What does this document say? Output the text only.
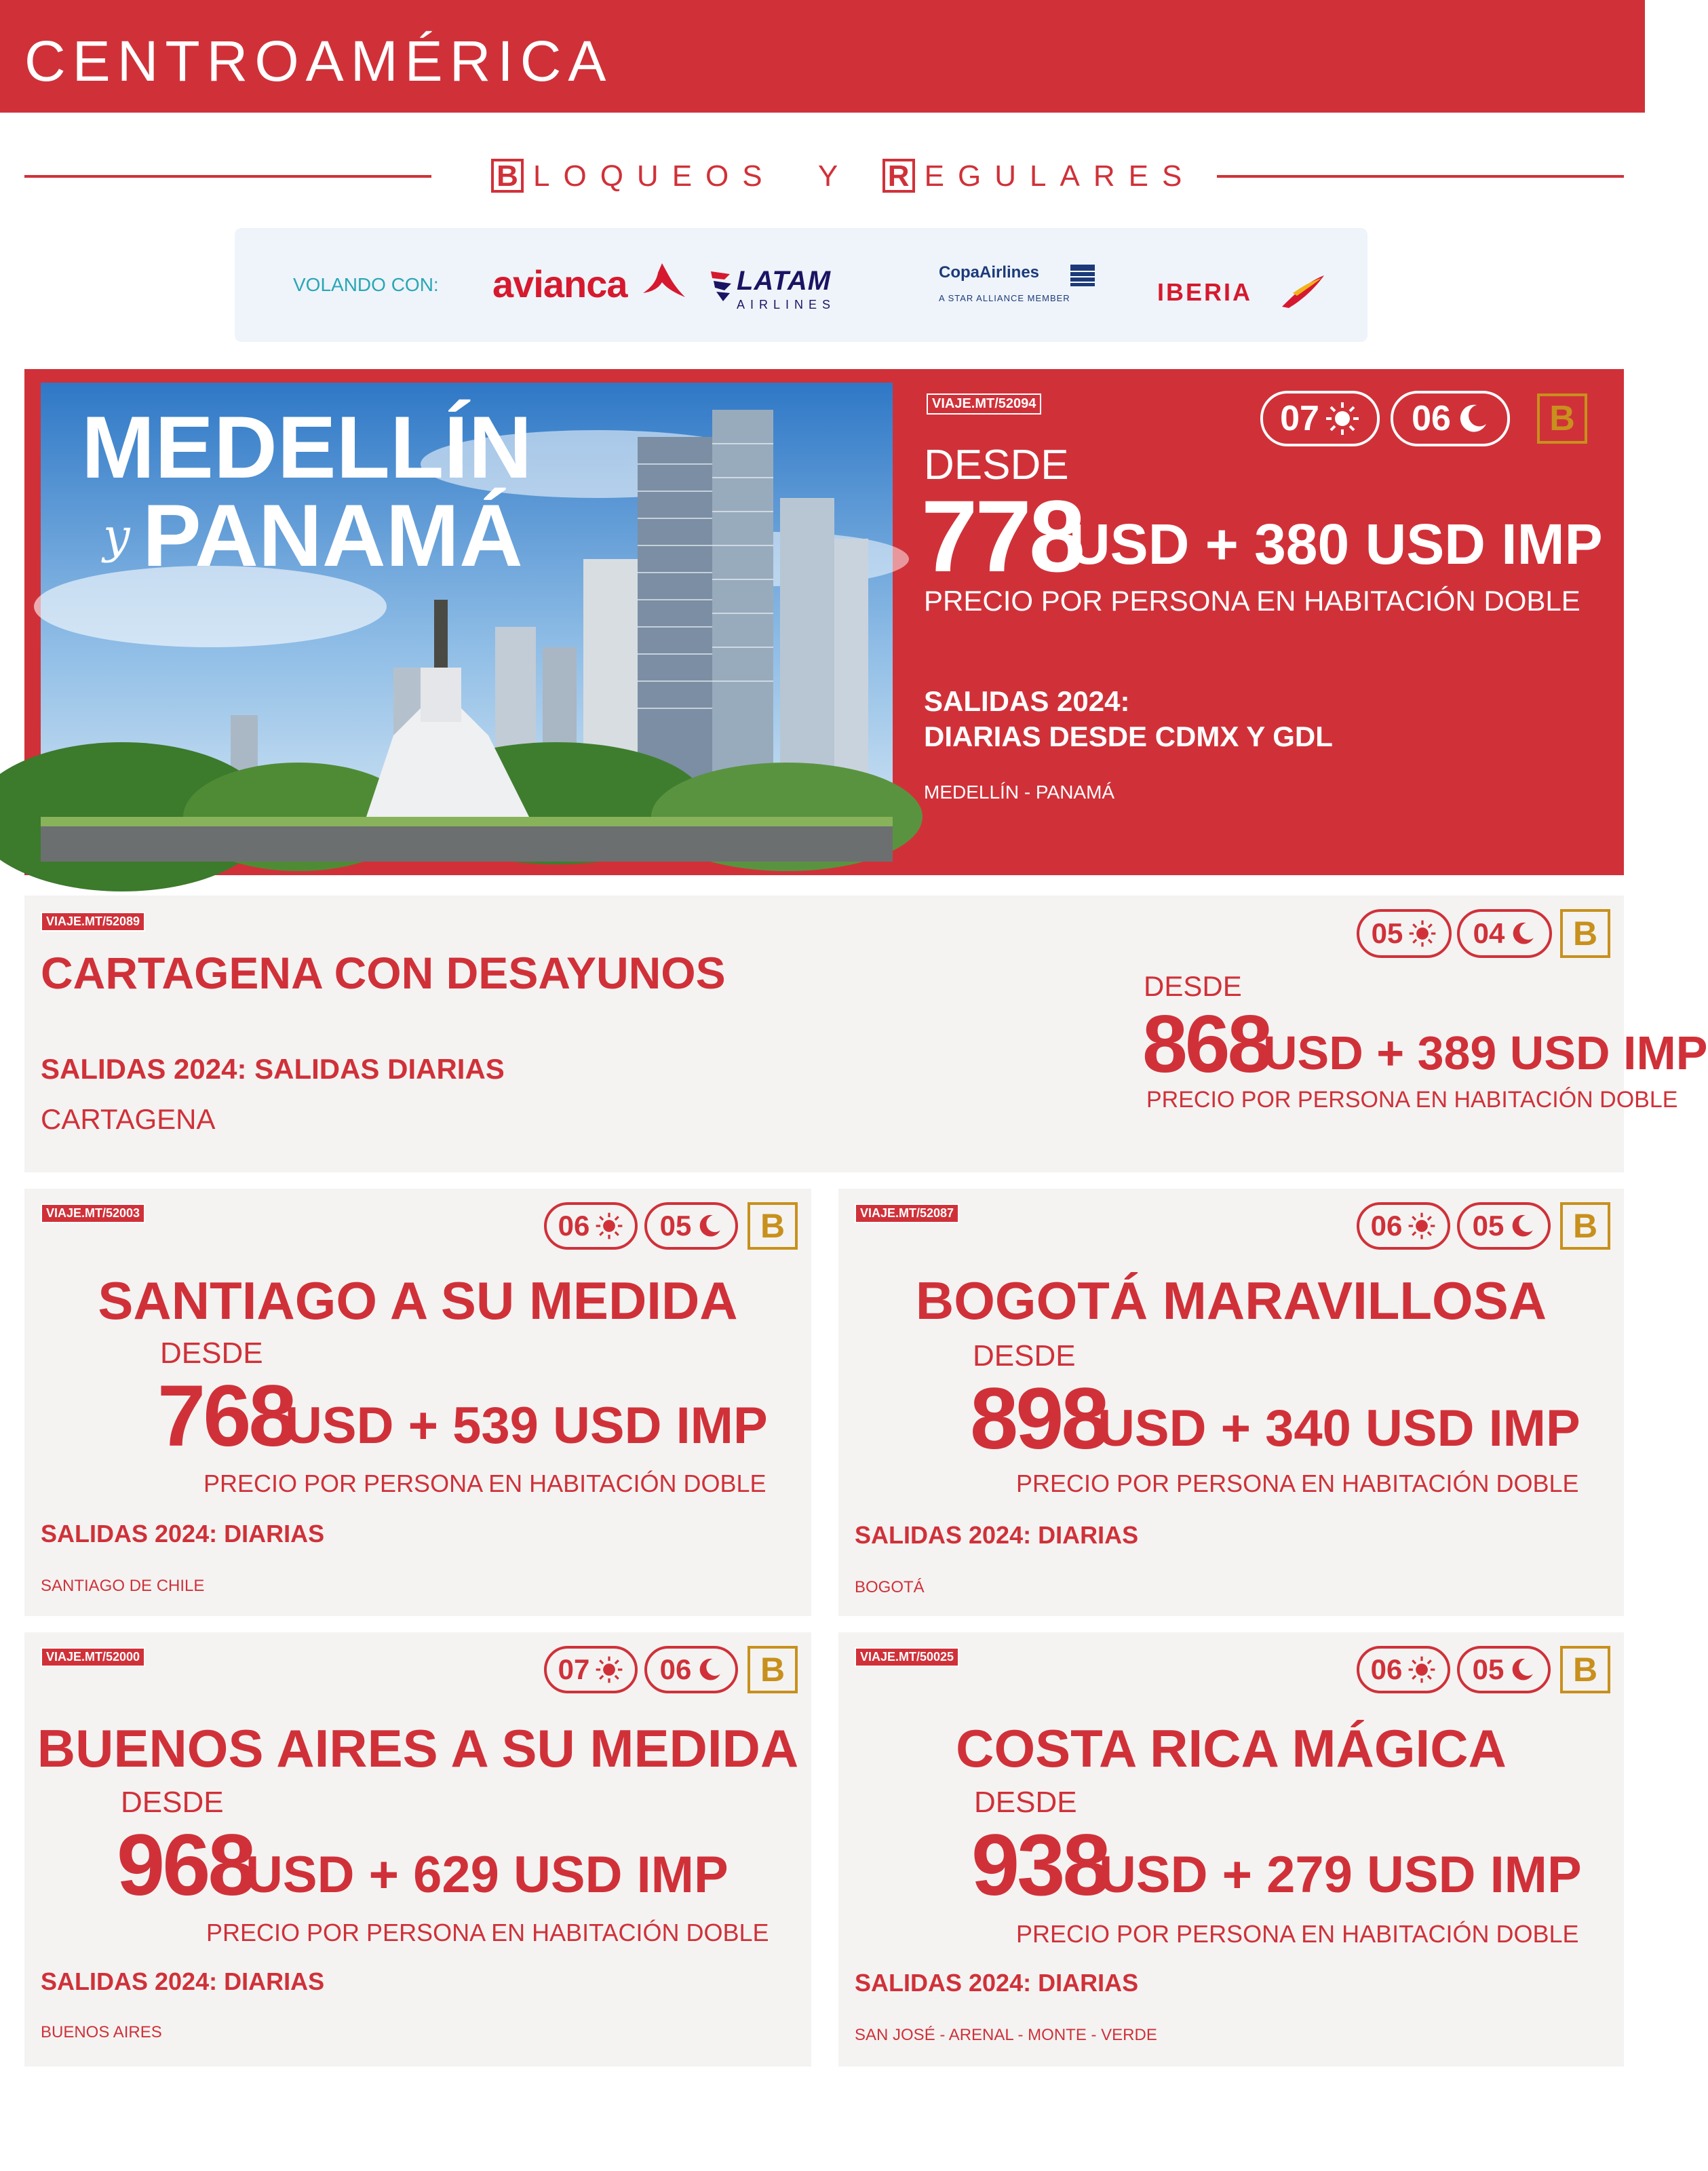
CENTROAMÉRICA
B LOQUEOS Y R EGULARES
VOLANDO CON: avianca	LATAM
AIRLINES
CopaAirlines
A STAR ALLIANCE MEMBER	IBERIA
MEDELLÍN
PANAMÁ
y
VIAJE.MT/52094	07	06	B
DESDE
778
USD + 380 USD IMP
PRECIO POR PERSONA EN HABITACIÓN DOBLE
SALIDAS 2024:
DIARIAS DESDE CDMX Y GDL
MEDELLÍN - PANAMÁ
VIAJE.MT/52089
CARTAGENA CON DESAYUNOS
SALIDAS 2024: SALIDAS DIARIAS
CARTAGENA
05 04	B
DESDE
868
USD + 389 USD IMP
PRECIO POR PERSONA EN HABITACIÓN DOBLE
VIAJE.MT/52003	06 05	B
SANTIAGO A SU MEDIDA
DESDE
768
USD + 539 USD IMP
PRECIO POR PERSONA EN HABITACIÓN DOBLE
SALIDAS 2024: DIARIAS
SANTIAGO DE CHILE
VIAJE.MT/52087	06 05	B
BOGOTÁ MARAVILLOSA
DESDE
898
USD + 340 USD IMP
PRECIO POR PERSONA EN HABITACIÓN DOBLE
SALIDAS 2024: DIARIAS
BOGOTÁ
VIAJE.MT/52000	07 06	B
BUENOS AIRES A SU MEDIDA
DESDE
968
USD + 629 USD IMP
PRECIO POR PERSONA EN HABITACIÓN DOBLE
SALIDAS 2024: DIARIAS
BUENOS AIRES
VIAJE.MT/50025	06 05	B
COSTA RICA MÁGICA
DESDE
938
USD + 279 USD IMP
PRECIO POR PERSONA EN HABITACIÓN DOBLE
SALIDAS 2024: DIARIAS
SAN JOSÉ - ARENAL - MONTE - VERDE
